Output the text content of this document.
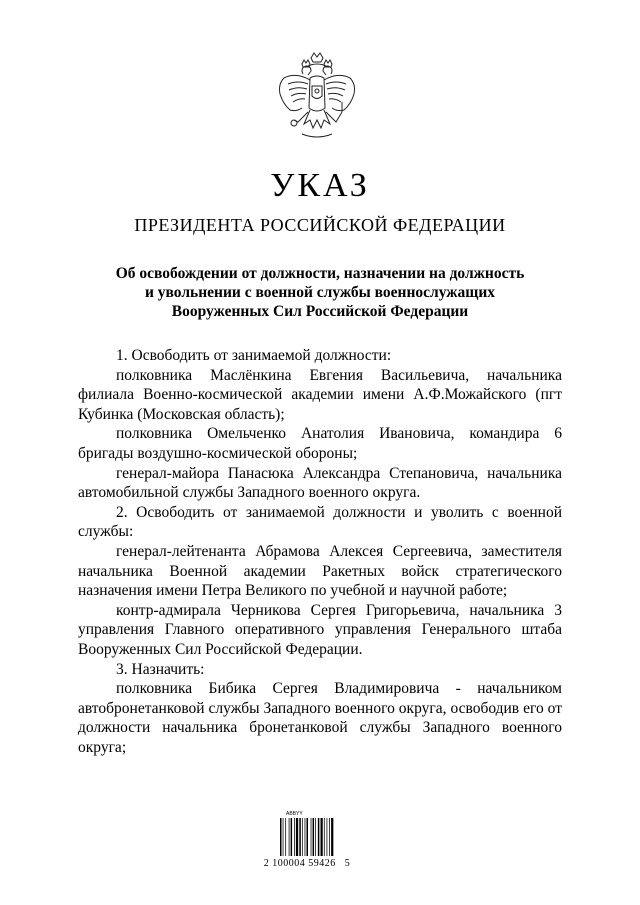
УКАЗ
ПРЕЗИДЕНТА РОССИЙСКОЙ ФЕДЕРАЦИИ
Об освобождении от должности, назначении на должность
и увольнении с военной службы военнослужащих
Вооруженных Сил Российской Федерации

1. Освободить от занимаемой должности:

полковника Маслёнкина Евгения Васильевича, начальника филиала Военно-космической академии имени А.Ф.Можайского (пгт Кубинка (Московская область);

полковника Омельченко Анатолия Ивановича, командира 6 бригады воздушно-космической обороны;

генерал-майора Панасюка Александра Степановича, начальника автомобильной службы Западного военного округа.

2. Освободить от занимаемой должности и уволить с военной службы:

генерал-лейтенанта Абрамова Алексея Сергеевича, заместителя начальника Военной академии Ракетных войск стратегического назначения имени Петра Великого по учебной и научной работе;

контр-адмирала Черникова Сергея Григорьевича, начальника 3 управления Главного оперативного управления Генерального штаба Вооруженных Сил Российской Федерации.

3. Назначить:

полковника Бибика Сергея Владимировича - начальником автобронетанковой службы Западного военного округа, освободив его от должности начальника бронетанковой службы Западного военного округа;

ABBYY
2 100004 59426   5
